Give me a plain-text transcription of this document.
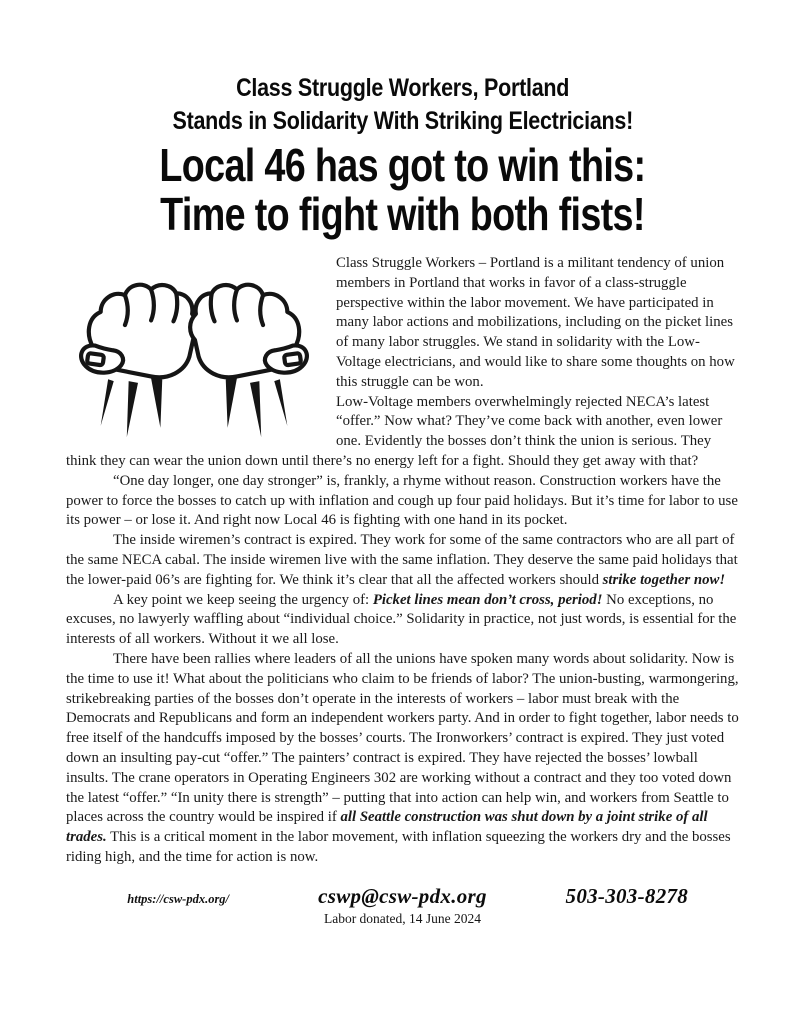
Class Struggle Workers, Portland
Stands in Solidarity With Striking Electricians!
Local 46 has got to win this:
Time to fight with both fists!

Class Struggle Workers – Portland is a militant tendency of union members in Portland that works in favor of a class-struggle perspective within the labor movement. We have participated in many labor actions and mobilizations, including on the picket lines of many labor struggles. We stand in solidarity with the Low-Voltage electricians, and would like to share some thoughts on how this struggle can be won.

Low-Voltage members overwhelmingly rejected NECA’s latest “offer.” Now what? They’ve come back with another, even lower one. Evidently the bosses don’t think the union is serious. They think they can wear the union down until there’s no energy left for a fight. Should they get away with that?

“One day longer, one day stronger” is, frankly, a rhyme without reason. Construction workers have the power to force the bosses to catch up with inflation and cough up four paid holidays. But it’s time for labor to use its power – or lose it. And right now Local 46 is fighting with one hand in its pocket.

The inside wiremen’s contract is expired. They work for some of the same contractors who are all part of the same NECA cabal. The inside wiremen live with the same inflation. They deserve the same paid holidays that the lower-paid 06’s are fighting for. We think it’s clear that all the affected workers should strike together now!

A key point we keep seeing the urgency of: Picket lines mean don’t cross, period! No exceptions, no excuses, no lawyerly waffling about “individual choice.” Solidarity in practice, not just words, is essential for the interests of all workers. Without it we all lose.

There have been rallies where leaders of all the unions have spoken many words about solidarity. Now is the time to use it! What about the politicians who claim to be friends of labor? The union-busting, warmongering, strikebreaking parties of the bosses don’t operate in the interests of workers – labor must break with the Democrats and Republicans and form an independent workers party. And in order to fight together, labor needs to free itself of the handcuffs imposed by the bosses’ courts. The Ironworkers’ contract is expired. They just voted down an insulting pay-cut “offer.” The painters’ contract is expired. They have rejected the bosses’ lowball insults. The crane operators in Operating Engineers 302 are working without a contract and they too voted down the latest “offer.” “In unity there is strength” – putting that into action can help win, and workers from Seattle to places across the country would be inspired if all Seattle construction was shut down by a joint strike of all trades. This is a critical moment in the labor movement, with inflation squeezing the workers dry and the bosses riding high, and the time for action is now.

https://csw-pdx.org/	cswp@csw-pdx.org	503-303-8278
Labor donated, 14 June 2024
